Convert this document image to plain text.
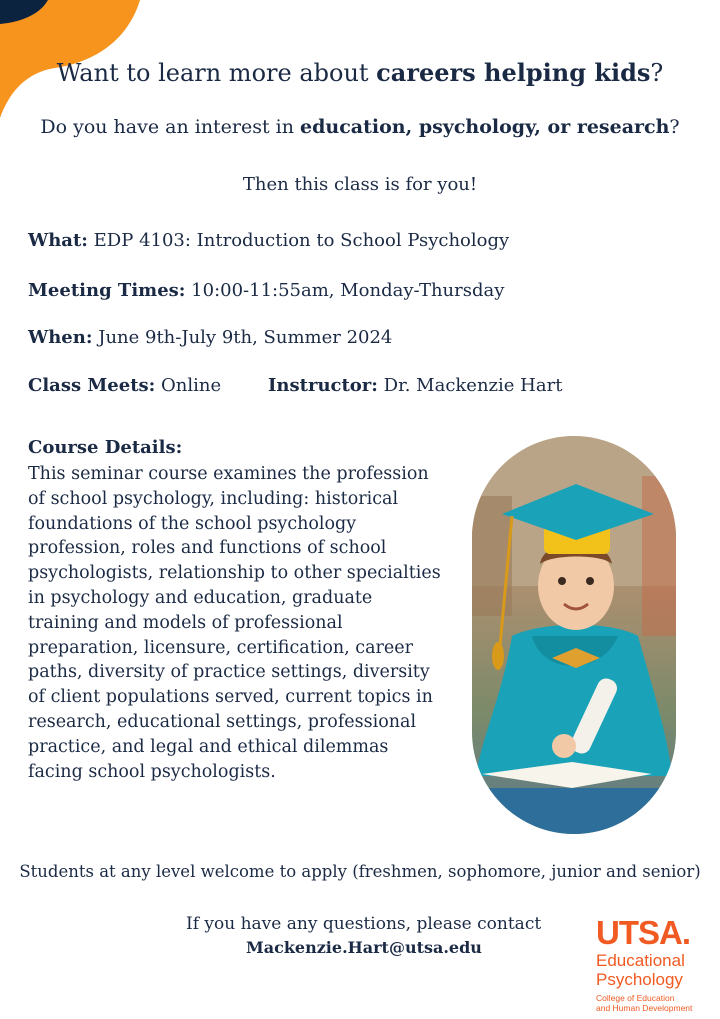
Want to learn more about careers helping kids?
Do you have an interest in education, psychology, or research?
Then this class is for you!
What: EDP 4103: Introduction to School Psychology
Meeting Times: 10:00-11:55am, Monday-Thursday
When: June 9th-July 9th, Summer 2024
Class Meets: Online	Instructor: Dr. Mackenzie Hart
Course Details:
This seminar course examines the profession of school psychology, including: historical foundations of the school psychology profession, roles and functions of school psychologists, relationship to other specialties in psychology and education, graduate training and models of professional preparation, licensure, certification, career paths, diversity of practice settings, diversity of client populations served, current topics in research, educational settings, professional practice, and legal and ethical dilemmas facing school psychologists.
Students at any level welcome to apply (freshmen, sophomore, junior and senior)
If you have any questions, please contact
Mackenzie.Hart@utsa.edu	UTSA.
Educational
Psychology
College of Education
and Human Development
